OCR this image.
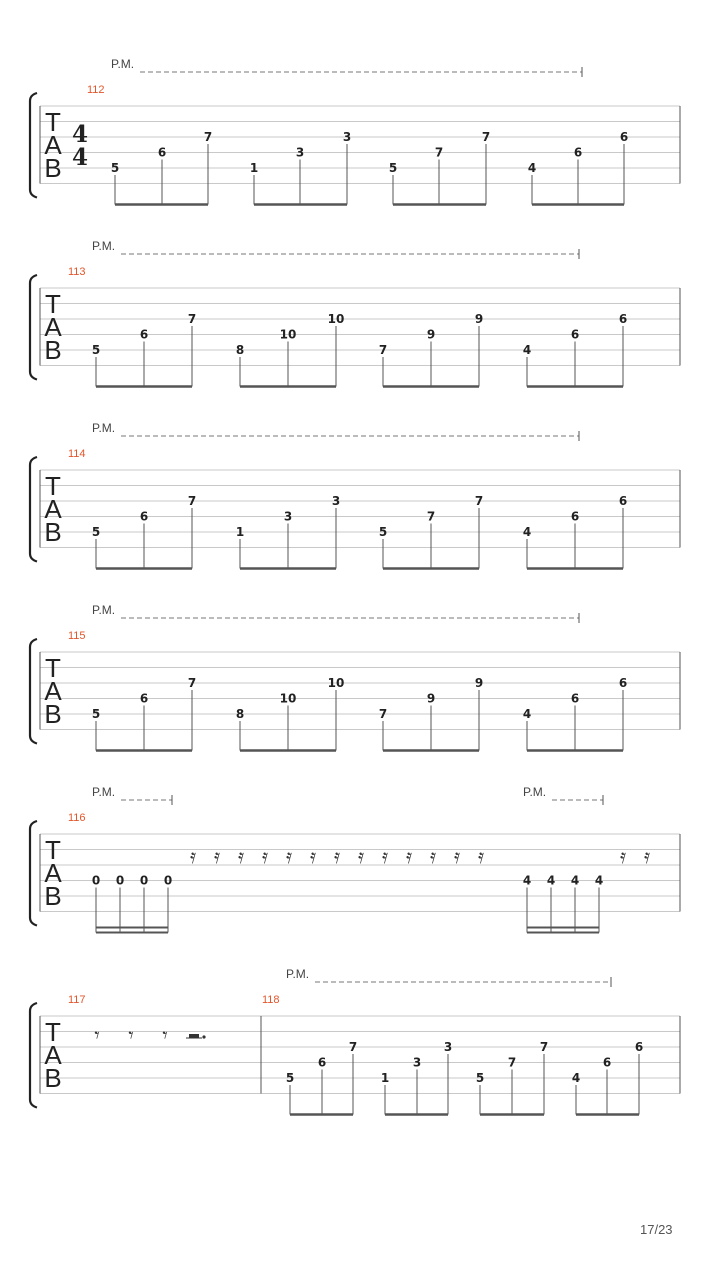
T
A
B
4
4
P.M.
112
5
6
7
1
3
3
5
7
7
4
6
6
T
A
B
P.M.
113
5
6
7
8
10
10
7
9
9
4
6
6
T
A
B
P.M.
114
5
6
7
1
3
3
5
7
7
4
6
6
T
A
B
P.M.
115
5
6
7
8
10
10
7
9
9
4
6
6
T
A
B
P.M.	P.M.
116
0 0 0 0
𝄿 𝄿 𝄿 𝄿 𝄿 𝄿 𝄿 𝄿 𝄿 𝄿 𝄿 𝄿 𝄿	𝄿 𝄿
4 4 4 4
T
A
B
P.M.
117
𝄾 𝄾 𝄾
118
5
6
7
1
3
3
5
7
7
4
6
6
17/23
